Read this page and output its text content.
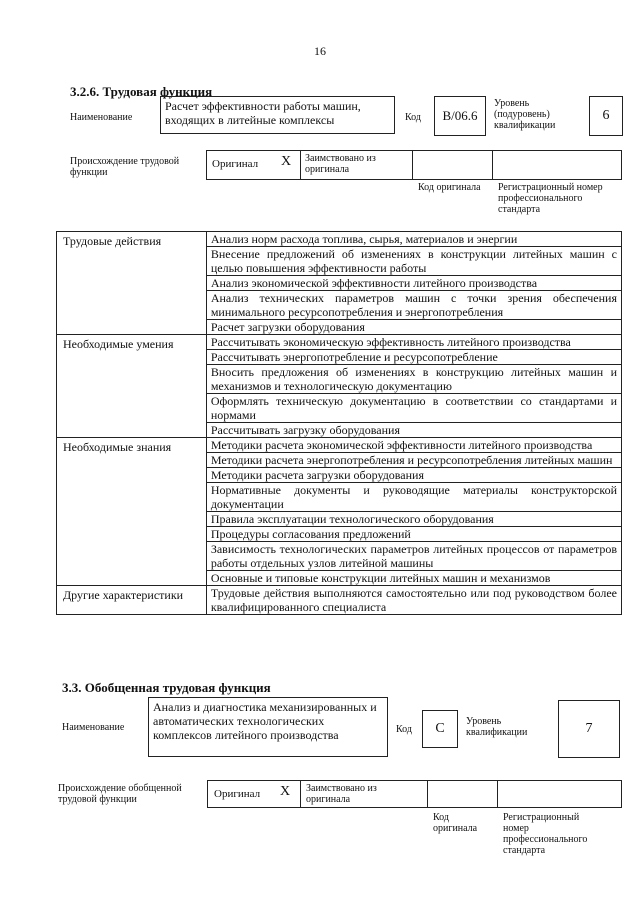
16
3.2.6. Трудовая функция
Наименование
Расчет эффективности работы машин, входящих в литейные комплексы	Код	В/06.6
Уровень (подуровень) квалификации
6
Происхождение трудовой функции
Оригинал X Заимствовано из оригинала
Код оригинала Регистрационный номер профессионального стандарта
Трудовые действия	Анализ норм расхода топлива, сырья, материалов и энергии
	Внесение предложений об изменениях в конструкции литейных машин с целью повышения эффективности работы
	Анализ экономической эффективности литейного производства
	Анализ технических параметров машин с точки зрения обеспечения минимального ресурсопотребления и энергопотребления
	Расчет загрузки оборудования
Необходимые умения	Рассчитывать экономическую эффективность литейного производства
	Рассчитывать энергопотребление и ресурсопотребление
	Вносить предложения об изменениях в конструкцию литейных машин и механизмов и технологическую документацию
	Оформлять техническую документацию в соответствии со стандартами и нормами
	Рассчитывать загрузку оборудования
Необходимые знания	Методики расчета экономической эффективности литейного производства
	Методики расчета энергопотребления и ресурсопотребления литейных машин
	Методики расчета загрузки оборудования
	Нормативные документы и руководящие материалы конструкторской документации
	Правила эксплуатации технологического оборудования
	Процедуры согласования предложений
	Зависимость технологических параметров литейных процессов от параметров работы отдельных узлов литейной машины
	Основные и типовые конструкции литейных машин и механизмов
Другие характеристики	Трудовые действия выполняются самостоятельно или под руководством более квалифицированного специалиста
3.3. Обобщенная трудовая функция
Наименование
Анализ и диагностика механизированных и автоматических технологических комплексов литейного производства	Код	С	Уровень квалификации	7
Происхождение обобщенной трудовой функции	Оригинал X Заимствовано из оригинала
Код оригинала
Регистрационный номер профессионального стандарта
